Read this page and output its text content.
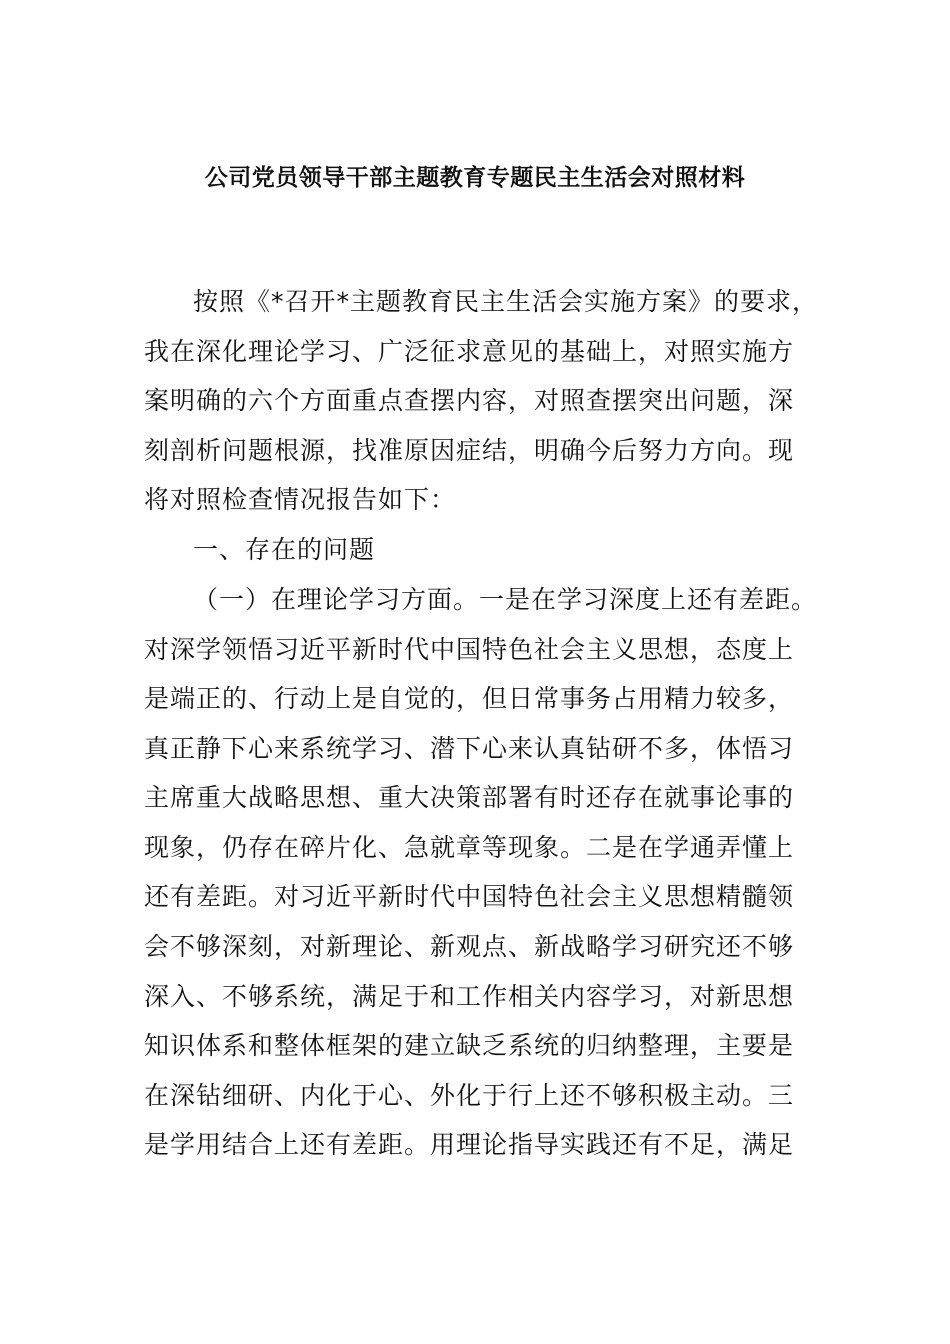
公司党员领导干部主题教育专题民主生活会对照材料
按照《*召开*主题教育民主生活会实施方案》的要求，
我在深化理论学习、广泛征求意见的基础上，对照实施方
案明确的六个方面重点查摆内容，对照查摆突出问题，深
刻剖析问题根源，找准原因症结，明确今后努力方向。现
将对照检查情况报告如下：
一、存在的问题
（一）在理论学习方面。一是在学习深度上还有差距。
对深学领悟习近平新时代中国特色社会主义思想，态度上
是端正的、行动上是自觉的，但日常事务占用精力较多，
真正静下心来系统学习、潜下心来认真钻研不多，体悟习
主席重大战略思想、重大决策部署有时还存在就事论事的
现象，仍存在碎片化、急就章等现象。二是在学通弄懂上
还有差距。对习近平新时代中国特色社会主义思想精髓领
会不够深刻，对新理论、新观点、新战略学习研究还不够
深入、不够系统，满足于和工作相关内容学习，对新思想
知识体系和整体框架的建立缺乏系统的归纳整理，主要是
在深钻细研、内化于心、外化于行上还不够积极主动。三
是学用结合上还有差距。用理论指导实践还有不足，满足
